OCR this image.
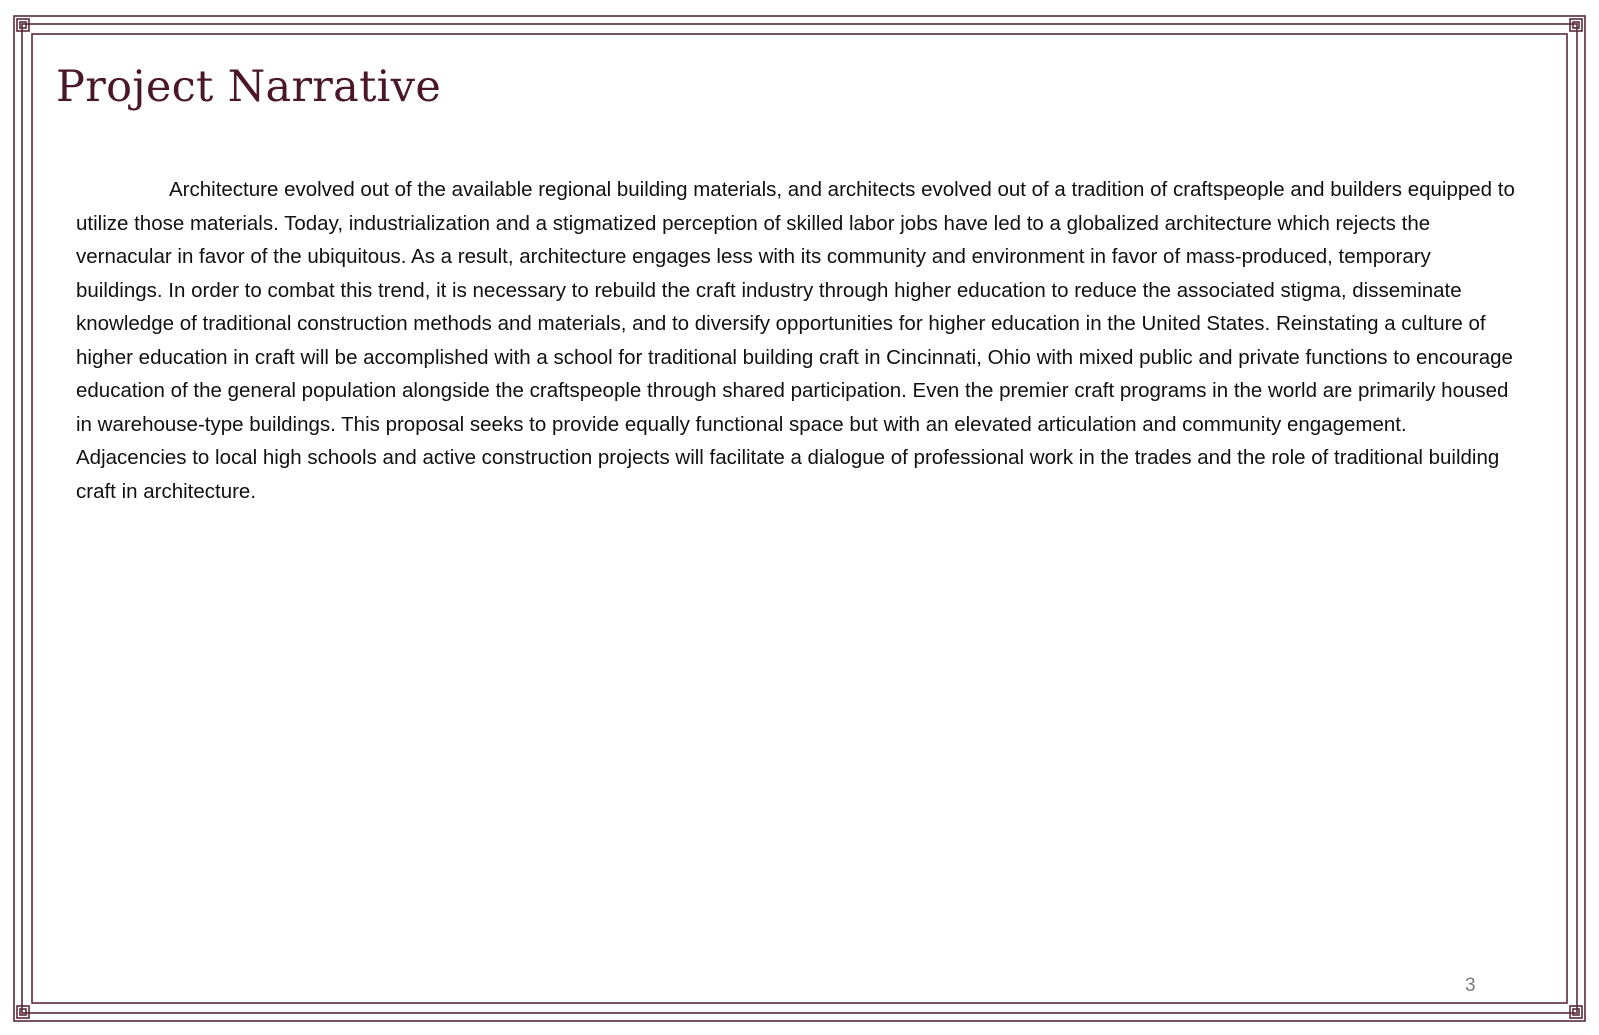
Project Narrative

Architecture evolved out of the available regional building materials, and architects evolved out of a tradition of craftspeople and builders equipped to utilize those materials. Today, industrialization and a stigmatized perception of skilled labor jobs have led to a globalized architecture which rejects the vernacular in favor of the ubiquitous. As a result, architecture engages less with its community and environment in favor of mass-produced, temporary buildings. In order to combat this trend, it is necessary to rebuild the craft industry through higher education to reduce the associated stigma, disseminate knowledge of traditional construction methods and materials, and to diversify opportunities for higher education in the United States. Reinstating a culture of higher education in craft will be accomplished with a school for traditional building craft in Cincinnati, Ohio with mixed public and private functions to encourage education of the general population alongside the craftspeople through shared participation. Even the premier craft programs in the world are primarily housed in warehouse-type buildings. This proposal seeks to provide equally functional space but with an elevated articulation and community engagement. Adjacencies to local high schools and active construction projects will facilitate a dialogue of professional work in the trades and the role of traditional building craft in architecture.

3
